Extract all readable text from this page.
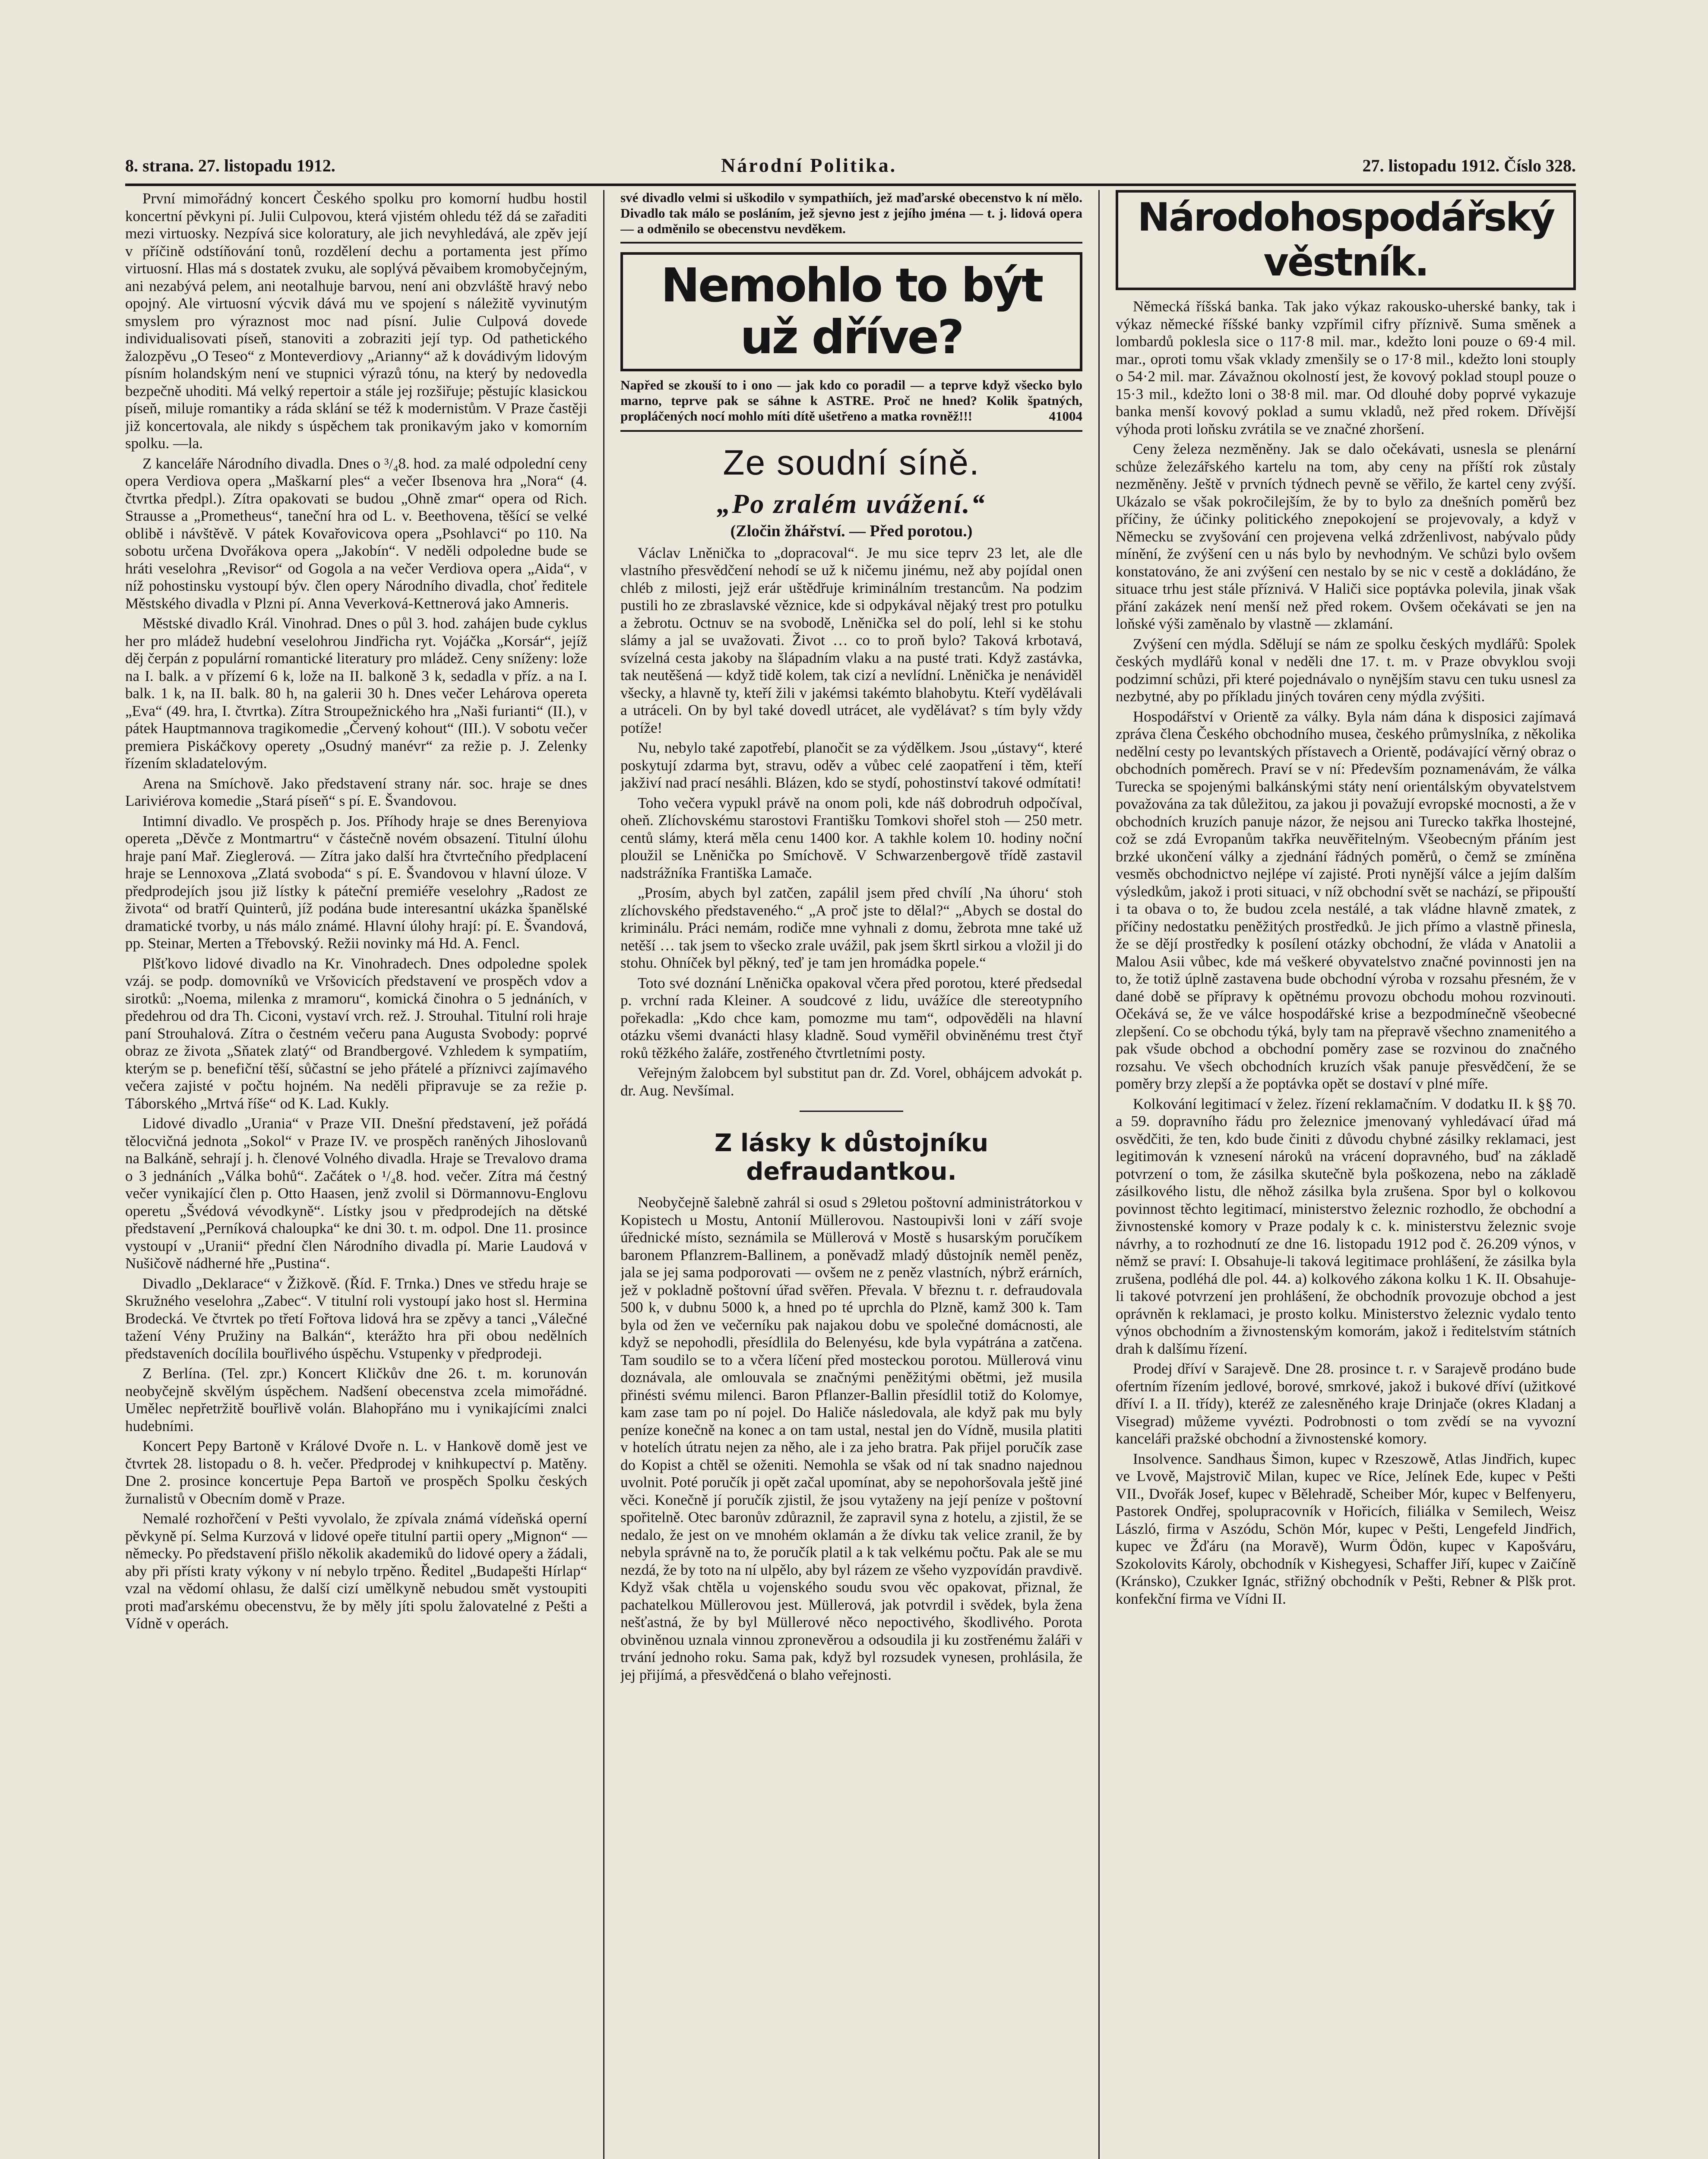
8. strana. 27. listopadu 1912.	Národní Politika.	27. listopadu 1912. Číslo 328.

První mimořádný koncert Českého spolku pro komorní hudbu hostil koncertní pěvkyni pí. Julii Culpovou, která vjistém ohledu též dá se zařaditi mezi virtuosky. Nezpívá sice koloratury, ale jich nevyhledává, ale zpěv její v příčině odstíňování tonů, rozdělení dechu a portamenta jest přímo virtuosní. Hlas má s dostatek zvuku, ale soplývá pěvaibem kromobyčejným, ani nezabývá pelem, ani neotalhuje barvou, není ani obzvláště hravý nebo opojný. Ale virtuosní výcvik dává mu ve spojení s náležitě vyvinutým smyslem pro výraznost moc nad písní. Julie Culpová dovede individualisovati píseň, stanoviti a zobraziti její typ. Od pathetického žalozpěvu „O Teseo“ z Monteverdiovy „Arianny“ až k dovádivým lidovým písním holandským není ve stupnici výrazů tónu, na který by nedovedla bezpečně uhoditi. Má velký repertoir a stále jej rozšiřuje; pěstujíc klasickou píseň, miluje romantiky a ráda sklání se též k modernistům. V Praze častěji již koncertovala, ale nikdy s úspěchem tak pronikavým jako v komorním spolku. —la.

Z kanceláře Národního divadla. Dnes o ³/₄8. hod. za malé odpolední ceny opera Verdiova opera „Maškarní ples“ a večer Ibsenova hra „Nora“ (4. čtvrtka předpl.). Zítra opakovati se budou „Ohně zmar“ opera od Rich. Strausse a „Prometheus“, taneční hra od L. v. Beethovena, těšící se velké oblibě i návštěvě. V pátek Kovařovicova opera „Psohlavci“ po 110. Na sobotu určena Dvořákova opera „Jakobín“. V neděli odpoledne bude se hráti veselohra „Revisor“ od Gogola a na večer Verdiova opera „Aida“, v níž pohostinsku vystoupí býv. člen opery Národního divadla, choť ředitele Městského divadla v Plzni pí. Anna Veverková-Kettnerová jako Amneris.

Městské divadlo Král. Vinohrad. Dnes o půl 3. hod. zahájen bude cyklus her pro mládež hudební veselohrou Jindřicha ryt. Vojáčka „Korsár“, jejíž děj čerpán z populární romantické literatury pro mládež. Ceny sníženy: lože na I. balk. a v přízemí 6 k, lože na II. balkoně 3 k, sedadla v příz. a na I. balk. 1 k, na II. balk. 80 h, na galerii 30 h. Dnes večer Lehárova opereta „Eva“ (49. hra, I. čtvrtka). Zítra Stroupežnického hra „Naši furianti“ (II.), v pátek Hauptmannova tragikomedie „Červený kohout“ (III.). V sobotu večer premiera Piskáčkovy operety „Osudný manévr“ za režie p. J. Zelenky řízením skladatelovým.

Arena na Smíchově. Jako představení strany nár. soc. hraje se dnes Lariviérova komedie „Stará píseň“ s pí. E. Švandovou.

Intimní divadlo. Ve prospěch p. Jos. Příhody hraje se dnes Berenyiova opereta „Děvče z Montmartru“ v částečně novém obsazení. Titulní úlohu hraje paní Mař. Zieglerová. — Zítra jako další hra čtvrtečního předplacení hraje se Lennoxova „Zlatá svoboda“ s pí. E. Švandovou v hlavní úloze. V předprodejích jsou již lístky k páteční premiéře veselohry „Radost ze života“ od bratří Quinterů, jíž podána bude interesantní ukázka španělské dramatické tvorby, u nás málo známé. Hlavní úlohy hrají: pí. E. Švandová, pp. Steinar, Merten a Třebovský. Režii novinky má Hd. A. Fencl.

Plšťkovo lidové divadlo na Kr. Vinohradech. Dnes odpoledne spolek vzáj. se podp. domovníků ve Vršovicích představení ve prospěch vdov a sirotků: „Noema, milenka z mramoru“, komická činohra o 5 jednáních, v předehrou od dra Th. Ciconi, vystaví vrch. rež. J. Strouhal. Titulní roli hraje paní Strouhalová. Zítra o čestném večeru pana Augusta Svobody: poprvé obraz ze života „Sňatek zlatý“ od Brandbergové. Vzhledem k sympatiím, kterým se p. benefiční těší, sůčastní se jeho přátelé a příznivci zajímavého večera zajisté v počtu hojném. Na neděli připravuje se za režie p. Táborského „Mrtvá říše“ od K. Lad. Kukly.

Lidové divadlo „Urania“ v Praze VII. Dnešní představení, jež pořádá tělocvičná jednota „Sokol“ v Praze IV. ve prospěch raněných Jihoslovanů na Balkáně, sehrají j. h. členové Volného divadla. Hraje se Trevalovo drama o 3 jednáních „Válka bohů“. Začátek o ¹/₄8. hod. večer. Zítra má čestný večer vynikající člen p. Otto Haasen, jenž zvolil si Dörmannovu-Englovu operetu „Švédová vévodkyně“. Lístky jsou v předprodejích na dětské představení „Perníková chaloupka“ ke dni 30. t. m. odpol. Dne 11. prosince vystoupí v „Uranii“ přední člen Národního divadla pí. Marie Laudová v Nušičově nádherné hře „Pustina“.

Divadlo „Deklarace“ v Žižkově. (Říd. F. Trnka.) Dnes ve středu hraje se Skružného veselohra „Zabec“. V titulní roli vystoupí jako host sl. Hermina Brodecká. Ve čtvrtek po třetí Fořtova lidová hra se zpěvy a tanci „Válečné tažení Vény Pružiny na Balkán“, kterážto hra při obou nedělních představeních docílila bouřlivého úspěchu. Vstupenky v předprodeji.

Z Berlína. (Tel. zpr.) Koncert Kličkův dne 26. t. m. korunován neobyčejně skvělým úspěchem. Nadšení obecenstva zcela mimořádné. Umělec nepřetržitě bouřlivě volán. Blahopřáno mu i vynikajícími znalci hudebními.

Koncert Pepy Bartoně v Králové Dvoře n. L. v Hankově domě jest ve čtvrtek 28. listopadu o 8. h. večer. Předprodej v knihkupectví p. Matěny. Dne 2. prosince koncertuje Pepa Bartoň ve prospěch Spolku českých žurnalistů v Obecním domě v Praze.

Nemalé rozhořčení v Pešti vyvolalo, že zpívala známá vídeňská operní pěvkyně pí. Selma Kurzová v lidové opeře titulní partii opery „Mignon“ — německy. Po představení přišlo několik akademiků do lidové opery a žádali, aby při přísti kraty výkony v ní nebylo trpěno. Ředitel „Budapešti Hírlap“ vzal na vědomí ohlasu, že další cizí umělkyně nebudou smět vystoupiti proti maďarskému obecenstvu, že by měly jíti spolu žalovatelné z Pešti a Vídně v operách.

své divadlo velmi si uškodilo v sympathiích, jež maďarské obecenstvo k ní mělo. Divadlo tak málo se posláním, jež sjevno jest z jejího jména — t. j. lidová opera — a odměnilo se obecenstvu nevděkem.
Nemohlo to být už dříve?
Napřed se zkouší to i ono — jak kdo co poradil — a teprve když všecko bylo marno, teprve pak se sáhne k ASTRE. Proč ne hned? Kolik špatných, propláčených nocí mohlo míti dítě ušetřeno a matka rovněž!!!	41004
Ze soudní síně.
„Po zralém uvážení.“
(Zločin žhářství. — Před porotou.)

Václav Lněnička to „dopracoval“. Je mu sice teprv 23 let, ale dle vlastního přesvědčení nehodí se už k ničemu jinému, než aby pojídal onen chléb z milosti, jejž erár uštědřuje kriminálním trestancům. Na podzim pustili ho ze zbraslavské věznice, kde si odpykával nějaký trest pro potulku a žebrotu. Octnuv se na svobodě, Lněnička sel do polí, lehl si ke stohu slámy a jal se uvažovati. Život … co to proň bylo? Taková krbotavá, svízelná cesta jakoby na šlápadním vlaku a na pusté trati. Když zastávka, tak neutěšená — když tidě kolem, tak cizí a nevlídní. Lněnička je nenáviděl všecky, a hlavně ty, kteří žili v jakémsi takémto blahobytu. Kteří vydělávali a utráceli. On by byl také dovedl utrácet, ale vydělávat? s tím byly vždy potíže!

Nu, nebylo také zapotřebí, planočit se za výdělkem. Jsou „ústavy“, které poskytují zdarma byt, stravu, oděv a vůbec celé zaopatření i těm, kteří jakživí nad prací nesáhli. Blázen, kdo se stydí, pohostinství takové odmítati!

Toho večera vypukl právě na onom poli, kde náš dobrodruh odpočíval, oheň. Zlíchovskému starostovi Františku Tomkovi shořel stoh — 250 metr. centů slámy, která měla cenu 1400 kor. A takhle kolem 10. hodiny noční ploužil se Lněnička po Smíchově. V Schwarzenbergově třídě zastavil nadstrážníka Františka Lamače.

„Prosím, abych byl zatčen, zapálil jsem před chvílí ‚Na úhoru‘ stoh zlíchovského představeného.“ „A proč jste to dělal?“ „Abych se dostal do kriminálu. Práci nemám, rodiče mne vyhnali z domu, žebrota mne také už netěší … tak jsem to všecko zrale uvážil, pak jsem škrtl sirkou a vložil ji do stohu. Ohníček byl pěkný, teď je tam jen hromádka popele.“

Toto své doznání Lněnička opakoval včera před porotou, které předsedal p. vrchní rada Kleiner. A soudcové z lidu, uvážíce dle stereotypního pořekadla: „Kdo chce kam, pomozme mu tam“, odpověděli na hlavní otázku všemi dvanácti hlasy kladně. Soud vyměřil obviněnému trest čtyř roků těžkého žaláře, zostřeného čtvrtletními posty.

Veřejným žalobcem byl substitut pan dr. Zd. Vorel, obhájcem advokát p. dr. Aug. Nevšímal.

Z lásky k důstojníku defraudantkou.

Neobyčejně šalebně zahrál si osud s 29letou poštovní administrátorkou v Kopistech u Mostu, Antonií Müllerovou. Nastoupivši loni v září svoje úřednické místo, seznámila se Müllerová v Mostě s husarským poručíkem baronem Pflanzrem-Ballinem, a poněvadž mladý důstojník neměl peněz, jala se jej sama podporovati — ovšem ne z peněz vlastních, nýbrž erárních, jež v pokladně poštovní úřad svěřen. Převala. V březnu t. r. defraudovala 500 k, v dubnu 5000 k, a hned po té uprchla do Plzně, kamž 300 k. Tam byla od žen ve večerníku pak najakou dobu ve společné domácnosti, ale když se nepohodli, přesídlila do Belenyésu, kde byla vypátrána a zatčena. Tam soudilo se to a včera líčení před mosteckou porotou. Müllerová vinu doznávala, ale omlouvala se značnými peněžitými obětmi, jež musila přinésti svému milenci. Baron Pflanzer-Ballin přesídlil totiž do Kolomye, kam zase tam po ní pojel. Do Haliče následovala, ale když pak mu byly peníze konečně na konec a on tam ustal, nestal jen do Vídně, musila platiti v hotelích útratu nejen za něho, ale i za jeho bratra. Pak přijel poručík zase do Kopist a chtěl se oženiti. Nemohla se však od ní tak snadno najednou uvolnit. Poté poručík ji opět začal upomínat, aby se nepohoršovala ještě jiné věci. Konečně jí poručík zjistil, že jsou vytaženy na její peníze v poštovní spořitelně. Otec baronův zdůraznil, že zapravil syna z hotelu, a zjistil, že se nedalo, že jest on ve mnohém oklamán a že dívku tak velice zranil, že by nebyla správně na to, že poručík platil a k tak velkému počtu. Pak ale se mu nezdá, že by toto na ní ulpělo, aby byl rázem ze všeho vyzpovídán pravdivě. Když však chtěla u vojenského soudu svou věc opakovat, přiznal, že pachatelkou Müllerovou jest. Müllerová, jak potvrdil i svědek, byla žena nešťastná, že by byl Müllerové něco nepoctivého, škodlivého. Porota obviněnou uznala vinnou zpronevěrou a odsoudila ji ku zostřenému žaláři v trvání jednoho roku. Sama pak, když byl rozsudek vynesen, prohlásila, že jej přijímá, a přesvědčená o blaho veřejnosti.

Národohospodářský věstník.

Německá říšská banka. Tak jako výkaz rakousko-uherské banky, tak i výkaz německé říšské banky vzpřímil cifry příznivě. Suma směnek a lombardů poklesla sice o 117·8 mil. mar., kdežto loni pouze o 69·4 mil. mar., oproti tomu však vklady zmenšily se o 17·8 mil., kdežto loni stouply o 54·2 mil. mar. Závažnou okolností jest, že kovový poklad stoupl pouze o 15·3 mil., kdežto loni o 38·8 mil. mar. Od dlouhé doby poprvé vykazuje banka menší kovový poklad a sumu vkladů, než před rokem. Dřívější výhoda proti loňsku zvrátila se ve značné zhoršení.

Ceny železa nezměněny. Jak se dalo očekávati, usnesla se plenární schůze železářského kartelu na tom, aby ceny na příští rok zůstaly nezměněny. Ještě v prvních týdnech pevně se věřilo, že kartel ceny zvýší. Ukázalo se však pokročilejším, že by to bylo za dnešních poměrů bez příčiny, že účinky politického znepokojení se projevovaly, a když v Německu se zvyšování cen projevena velká zdrženlivost, nabývalo půdy mínění, že zvýšení cen u nás bylo by nevhodným. Ve schůzi bylo ovšem konstatováno, že ani zvýšení cen nestalo by se nic v cestě a dokládáno, že situace trhu jest stále příznivá. V Haliči sice poptávka polevila, jinak však přání zakázek není menší než před rokem. Ovšem očekávati se jen na loňské výši zaměnalo by vlastně — zklamání.

Zvýšení cen mýdla. Sdělují se nám ze spolku českých mydlářů: Spolek českých mydlářů konal v neděli dne 17. t. m. v Praze obvyklou svoji podzimní schůzi, při které pojednávalo o nynějším stavu cen tuku usnesl za nezbytné, aby po příkladu jiných továren ceny mýdla zvýšiti.

Hospodářství v Orientě za války. Byla nám dána k disposici zajímavá zpráva člena Českého obchodního musea, českého průmyslníka, z několika nedělní cesty po levantských přístavech a Orientě, podávající věrný obraz o obchodních poměrech. Praví se v ní: Především poznamenávám, že válka Turecka se spojenými balkánskými státy není orientálským obyvatelstvem považována za tak důležitou, za jakou ji považují evropské mocnosti, a že v obchodních kruzích panuje názor, že nejsou ani Turecko takřka lhostejné, což se zdá Evropanům takřka neuvěřitelným. Všeobecným přáním jest brzké ukončení války a zjednání řádných poměrů, o čemž se zmíněna vesměs obchodnictvo nejlépe ví zajisté. Proti nynější válce a jejím dalším výsledkům, jakož i proti situaci, v níž obchodní svět se nachází, se připouští i ta obava o to, že budou zcela nestálé, a tak vládne hlavně zmatek, z příčiny nedostatku peněžitých prostředků. Je jich přímo a vlastně přinesla, že se dějí prostředky k posílení otázky obchodní, že vláda v Anatolii a Malou Asii vůbec, kde má veškeré obyvatelstvo značné povinnosti jen na to, že totiž úplně zastavena bude obchodní výroba v rozsahu přesném, že v dané době se přípravy k opětnému provozu obchodu mohou rozvinouti. Očekává se, že ve válce hospodářské krise a bezpodmínečně všeobecné zlepšení. Co se obchodu týká, byly tam na přepravě všechno znamenitého a pak všude obchod a obchodní poměry zase se rozvinou do značného rozsahu. Ve všech obchodních kruzích však panuje přesvědčení, že se poměry brzy zlepší a že poptávka opět se dostaví v plné míře.

Kolkování legitimací v želez. řízení reklamačním. V dodatku II. k §§ 70. a 59. dopravního řádu pro železnice jmenovaný vyhledávací úřad má osvědčiti, že ten, kdo bude činiti z důvodu chybné zásilky reklamaci, jest legitimován k vznesení nároků na vrácení dopravného, buď na základě potvrzení o tom, že zásilka skutečně byla poškozena, nebo na základě zásilkového listu, dle něhož zásilka byla zrušena. Spor byl o kolkovou povinnost těchto legitimací, ministerstvo železnic rozhodlo, že obchodní a živnostenské komory v Praze podaly k c. k. ministerstvu železnic svoje návrhy, a to rozhodnutí ze dne 16. listopadu 1912 pod č. 26.209 výnos, v němž se praví: I. Obsahuje-li taková legitimace prohlášení, že zásilka byla zrušena, podléhá dle pol. 44. a) kolkového zákona kolku 1 K. II. Obsahuje-li takové potvrzení jen prohlášení, že obchodník provozuje obchod a jest oprávněn k reklamaci, je prosto kolku. Ministerstvo železnic vydalo tento výnos obchodním a živnostenským komorám, jakož i ředitelstvím státních drah k dalšímu řízení.

Prodej dříví v Sarajevě. Dne 28. prosince t. r. v Sarajevě prodáno bude ofertním řízením jedlové, borové, smrkové, jakož i bukové dříví (užitkové dříví I. a II. třídy), kteréž ze zalesněného kraje Drinjače (okres Kladanj a Visegrad) můžeme vyvézti. Podrobnosti o tom zvědí se na vyvozní kanceláři pražské obchodní a živnostenské komory.

Insolvence. Sandhaus Šimon, kupec v Rzeszowě, Atlas Jindřich, kupec ve Lvově, Majstrovič Milan, kupec ve Ríce, Jelínek Ede, kupec v Pešti VII., Dvořák Josef, kupec v Bělehradě, Scheiber Mór, kupec v Belfenyeru, Pastorek Ondřej, spolupracovník v Hořicích, filiálka v Semilech, Weisz László, firma v Aszódu, Schön Mór, kupec v Pešti, Lengefeld Jindřich, kupec ve Žďáru (na Moravě), Wurm Ödön, kupec v Kapošváru, Szokolovits Károly, obchodník v Kishegyesi, Schaffer Jiří, kupec v Zaičíně (Kránsko), Czukker Ignác, střižný obchodník v Pešti, Rebner & Plšk prot. konfekční firma ve Vídni II.
